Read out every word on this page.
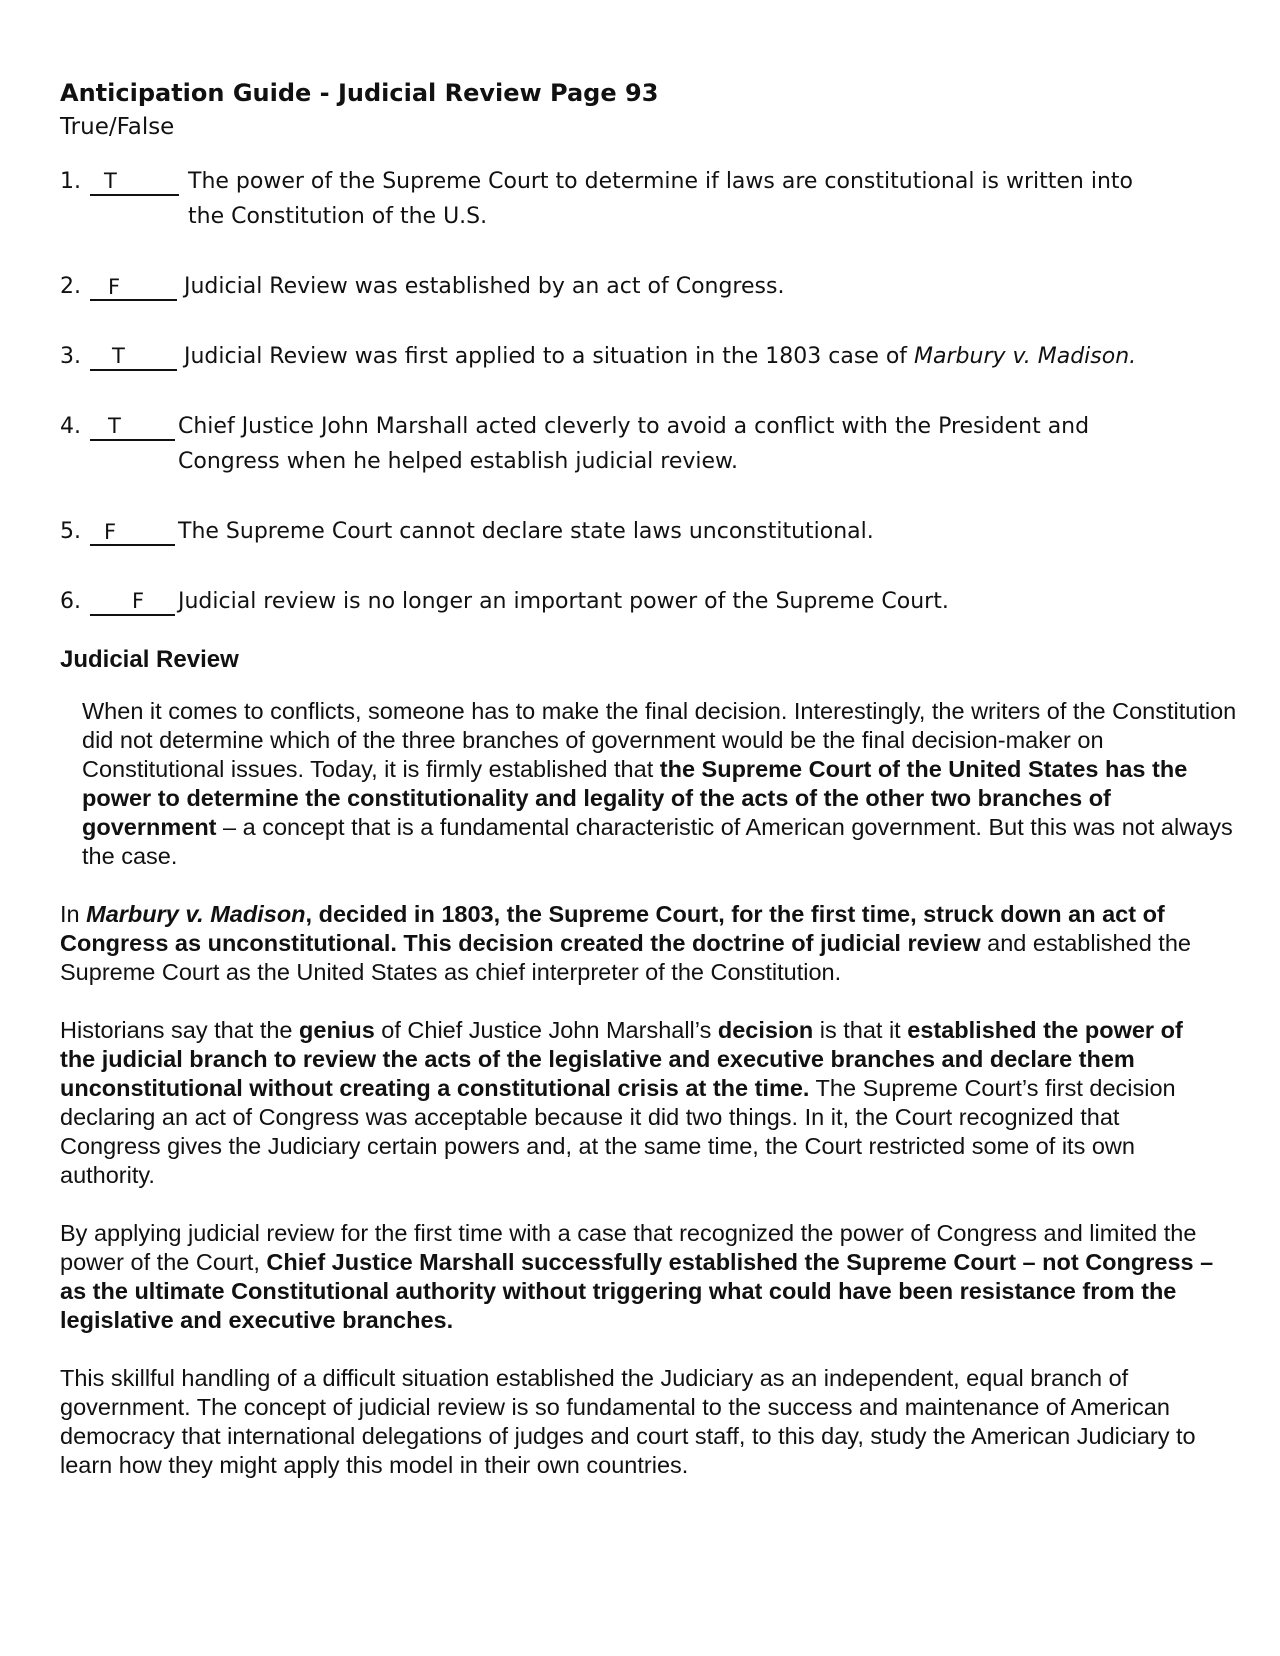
Anticipation Guide - Judicial Review Page 93
True/False
1. T	The power of the Supreme Court to determine if laws are constitutional is written into
the Constitution of the U.S.
2. F	Judicial Review was established by an act of Congress.
3. T	Judicial Review was first applied to a situation in the 1803 case of Marbury v. Madison.
4. T	Chief Justice John Marshall acted cleverly to avoid a conflict with the President and
Congress when he helped establish judicial review.
5. F	The Supreme Court cannot declare state laws unconstitutional.
6. F	Judicial review is no longer an important power of the Supreme Court.
Judicial Review

When it comes to conflicts, someone has to make the final decision. Interestingly, the writers of the Constitution did not determine which of the three branches of government would be the final decision-maker on Constitutional issues. Today, it is firmly established that the Supreme Court of the United States has the power to determine the constitutionality and legality of the acts of the other two branches of government – a concept that is a fundamental characteristic of American government. But this was not always the case.

In Marbury v. Madison, decided in 1803, the Supreme Court, for the first time, struck down an act of Congress as unconstitutional. This decision created the doctrine of judicial review and established the Supreme Court as the United States as chief interpreter of the Constitution.

Historians say that the genius of Chief Justice John Marshall’s decision is that it established the power of the judicial branch to review the acts of the legislative and executive branches and declare them unconstitutional without creating a constitutional crisis at the time. The Supreme Court’s first decision declaring an act of Congress was acceptable because it did two things. In it, the Court recognized that Congress gives the Judiciary certain powers and, at the same time, the Court restricted some of its own authority.

By applying judicial review for the first time with a case that recognized the power of Congress and limited the power of the Court, Chief Justice Marshall successfully established the Supreme Court – not Congress – as the ultimate Constitutional authority without triggering what could have been resistance from the legislative and executive branches.

This skillful handling of a difficult situation established the Judiciary as an independent, equal branch of government. The concept of judicial review is so fundamental to the success and maintenance of American democracy that international delegations of judges and court staff, to this day, study the American Judiciary to learn how they might apply this model in their own countries.
